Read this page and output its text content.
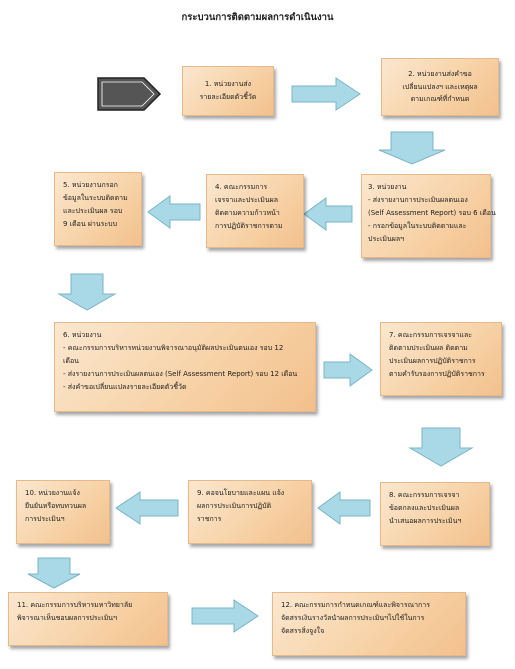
กระบวนการติดตามผลการดำเนินงาน
1. หน่วยงานส่ง
รายละเอียดตัวชี้วัด
2. หน่วยงานส่งคำขอ
เปลี่ยนแปลงฯ และเหตุผล
ตามเกณฑ์ที่กำหนด
3. หน่วยงาน
- ส่งรายงานการประเมินผลตนเอง
(Self Assessment Report) รอบ 6 เดือน
- กรอกข้อมูลในระบบติดตามและ
ประเมินผลฯ
4. คณะกรรมการ
เจรจาและประเมินผล
ติดตามความก้าวหน้า
การปฏิบัติราชการตาม
5. หน่วยงานกรอก
ข้อมูลในระบบติดตาม
และประเมินผล รอบ
9 เดือน ผ่านระบบ
6. หน่วยงาน
- คณะกรรมการบริหารหน่วยงานพิจารณาอนุมัติผลประเมินตนเอง รอบ 12
เดือน
- ส่งรายงานการประเมินผลตนเอง (Self Assessment Report) รอบ 12 เดือน
- ส่งคำขอเปลี่ยนแปลงรายละเอียดตัวชี้วัด
7. คณะกรรมการเจรจาและ
ติดตามประเมินผล ติดตาม
ประเมินผลการปฏิบัติราชการ
ตามคำรับรองการปฏิบัติราชการ
8. คณะกรรมการเจรจา
ข้อตกลงและประเมินผล
นำเสนอผลการประเมินฯ
9. คอจนโยบายและแผน แจ้ง
ผลการประเมินการปฏิบัติ
ราชการ
10. หน่วยงานแจ้ง
ยืนยันหรือทบทวนผล
การประเมินฯ
11. คณะกรรมการบริหารมหาวิทยาลัย
พิจารณาเห็นชอบผลการประเมินฯ
12. คณะกรรมการกำหนดเกณฑ์และพิจารณาการ
จัดสรรเงินรางวัลนำผลการประเมินฯไปใช้ในการ
จัดสรรสิ่งจูงใจ
